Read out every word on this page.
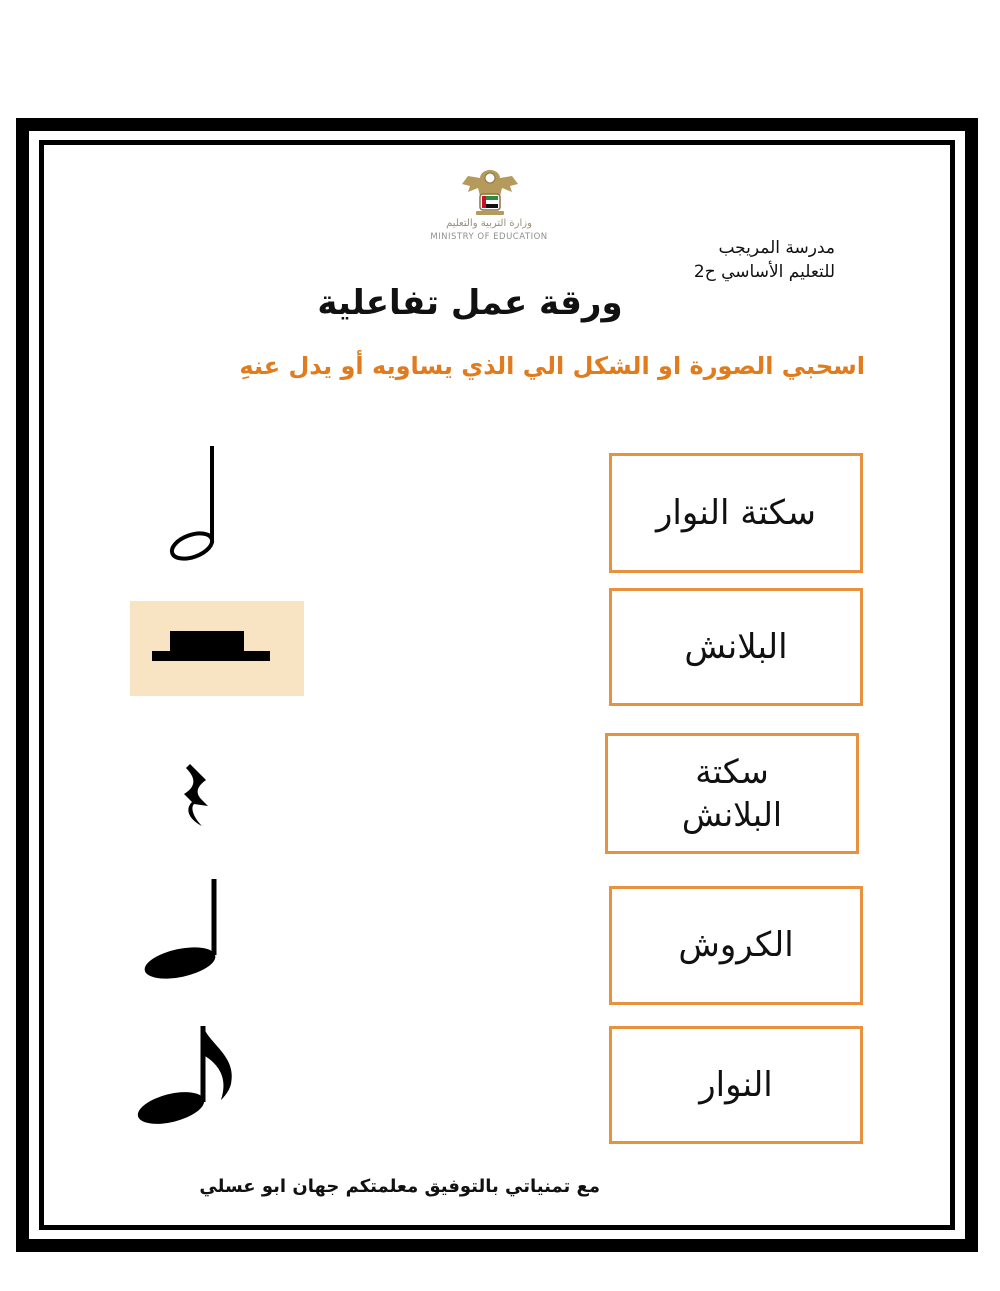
وزارة التربية والتعليم
MINISTRY OF EDUCATION
مدرسة المريجب
للتعليم الأساسي ح2
ورقة عمل تفاعلية
اسحبي الصورة او الشكل الي الذي يساويه أو يدل عنهِ
سكتة النوار
البلانش
سكتة البلانش
الكروش
النوار
مع تمنياتي بالتوفيق معلمتكم جهان ابو عسلي
